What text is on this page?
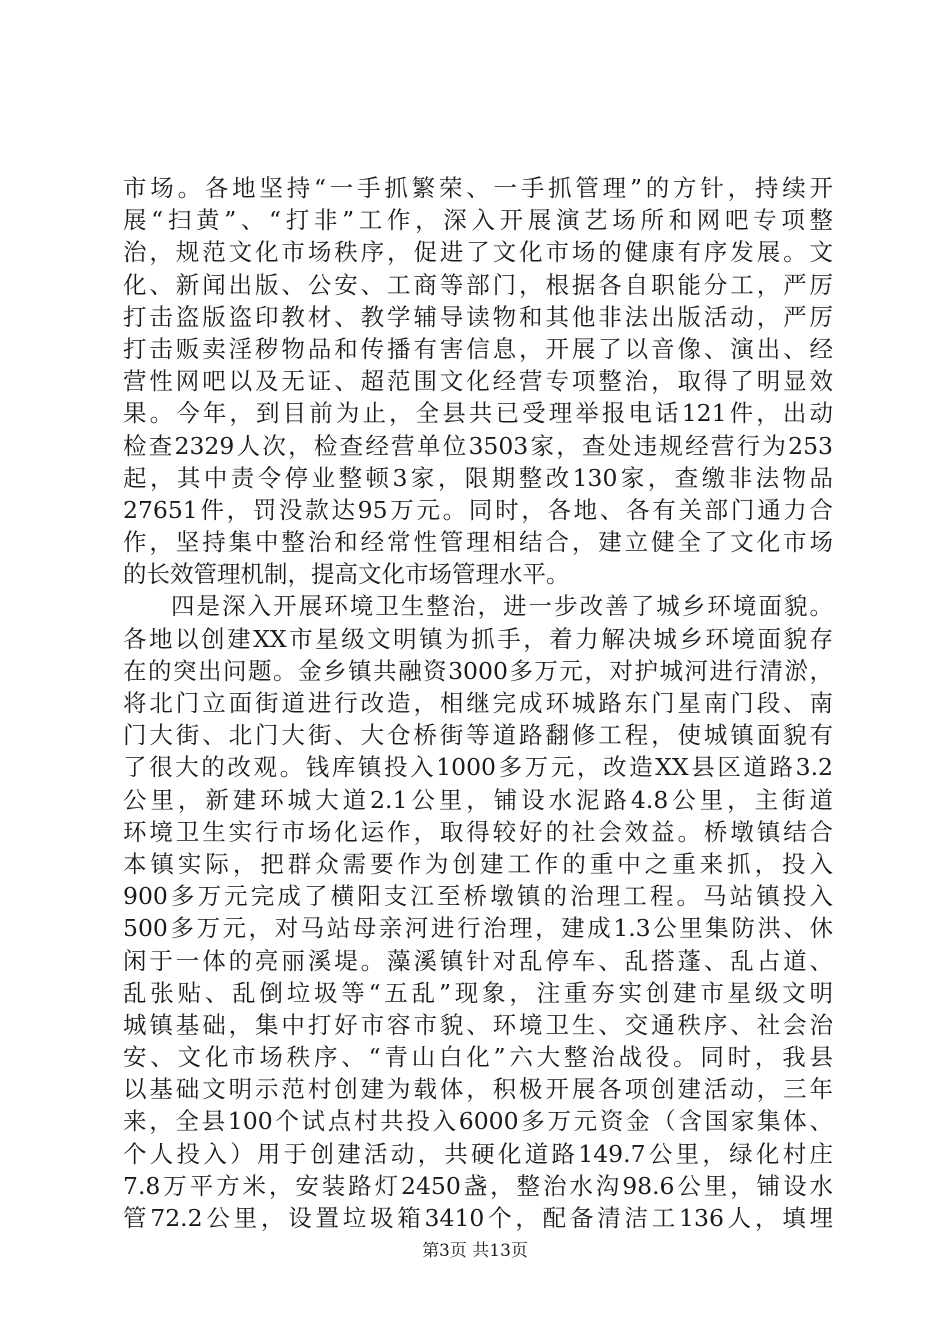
市场。各地坚持“一手抓繁荣、一手抓管理”的方针，持续开
展“扫黄”、“打非”工作，深入开展演艺场所和网吧专项整
治，规范文化市场秩序，促进了文化市场的健康有序发展。文
化、新闻出版、公安、工商等部门，根据各自职能分工，严厉
打击盗版盗印教材、教学辅导读物和其他非法出版活动，严厉
打击贩卖淫秽物品和传播有害信息，开展了以音像、演出、经
营性网吧以及无证、超范围文化经营专项整治，取得了明显效
果。今年，到目前为止，全县共已受理举报电话121件，出动
检查2329人次，检查经营单位3503家，查处违规经营行为253
起，其中责令停业整顿3家，限期整改130家，查缴非法物品
27651件，罚没款达95万元。同时，各地、各有关部门通力合
作，坚持集中整治和经常性管理相结合，建立健全了文化市场
的长效管理机制，提高文化市场管理水平。
四是深入开展环境卫生整治，进一步改善了城乡环境面貌。
各地以创建XX市星级文明镇为抓手，着力解决城乡环境面貌存
在的突出问题。金乡镇共融资3000多万元，对护城河进行清淤，
将北门立面街道进行改造，相继完成环城路东门星南门段、南
门大街、北门大街、大仓桥街等道路翻修工程，使城镇面貌有
了很大的改观。钱库镇投入1000多万元，改造XX县区道路3.2
公里，新建环城大道2.1公里，铺设水泥路4.8公里，主街道
环境卫生实行市场化运作，取得较好的社会效益。桥墩镇结合
本镇实际，把群众需要作为创建工作的重中之重来抓，投入
900多万元完成了横阳支江至桥墩镇的治理工程。马站镇投入
500多万元，对马站母亲河进行治理，建成1.3公里集防洪、休
闲于一体的亮丽溪堤。藻溪镇针对乱停车、乱搭蓬、乱占道、
乱张贴、乱倒垃圾等“五乱”现象，注重夯实创建市星级文明
城镇基础，集中打好市容市貌、环境卫生、交通秩序、社会治
安、文化市场秩序、“青山白化”六大整治战役。同时，我县
以基础文明示范村创建为载体，积极开展各项创建活动，三年
来，全县100个试点村共投入6000多万元资金（含国家集体、
个人投入）用于创建活动，共硬化道路149.7公里，绿化村庄
7.8万平方米，安装路灯2450盏，整治水沟98.6公里，铺设水
管72.2公里，设置垃圾箱3410个，配备清洁工136人，填埋
第3页 共13页
